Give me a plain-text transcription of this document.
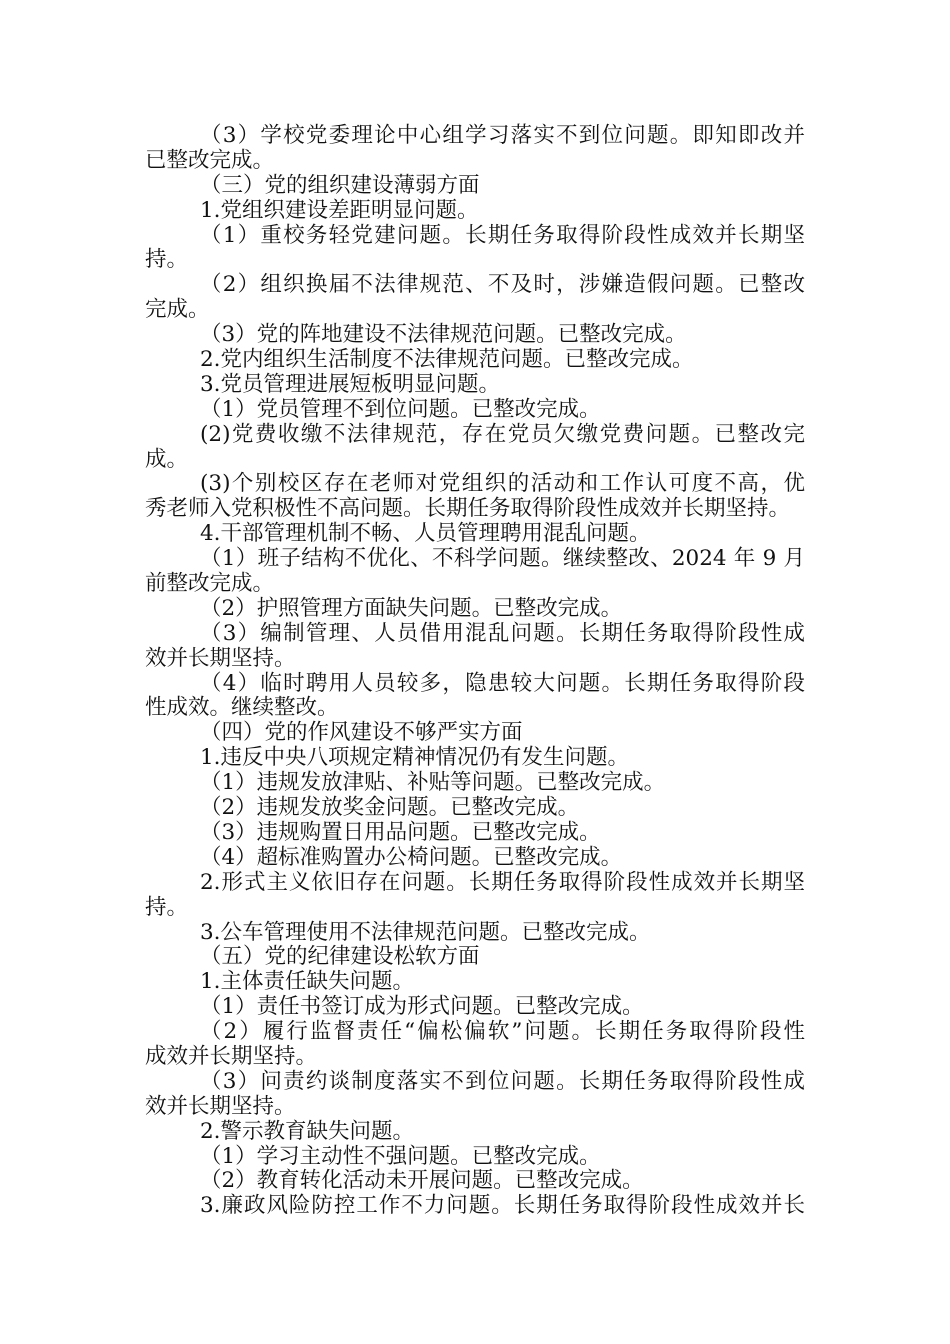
（3）学校党委理论中心组学习落实不到位问题。即知即改并
已整改完成。
（三）党的组织建设薄弱方面
1.党组织建设差距明显问题。
（1）重校务轻党建问题。长期任务取得阶段性成效并长期坚
持。
（2）组织换届不法律规范、不及时，涉嫌造假问题。已整改
完成。
（3）党的阵地建设不法律规范问题。已整改完成。
2.党内组织生活制度不法律规范问题。已整改完成。
3.党员管理进展短板明显问题。
（1）党员管理不到位问题。已整改完成。
(2)党费收缴不法律规范，存在党员欠缴党费问题。已整改完
成。
(3)个别校区存在老师对党组织的活动和工作认可度不高，优
秀老师入党积极性不高问题。长期任务取得阶段性成效并长期坚持。
4.干部管理机制不畅、人员管理聘用混乱问题。
（1）班子结构不优化、不科学问题。继续整改、2024 年 9 月
前整改完成。
（2）护照管理方面缺失问题。已整改完成。
（3）编制管理、人员借用混乱问题。长期任务取得阶段性成
效并长期坚持。
（4）临时聘用人员较多，隐患较大问题。长期任务取得阶段
性成效。继续整改。
（四）党的作风建设不够严实方面
1.违反中央八项规定精神情况仍有发生问题。
（1）违规发放津贴、补贴等问题。已整改完成。
（2）违规发放奖金问题。已整改完成。
（3）违规购置日用品问题。已整改完成。
（4）超标准购置办公椅问题。已整改完成。
2.形式主义依旧存在问题。长期任务取得阶段性成效并长期坚
持。
3.公车管理使用不法律规范问题。已整改完成。
（五）党的纪律建设松软方面
1.主体责任缺失问题。
（1）责任书签订成为形式问题。已整改完成。
（2）履行监督责任“偏松偏软”问题。长期任务取得阶段性
成效并长期坚持。
（3）问责约谈制度落实不到位问题。长期任务取得阶段性成
效并长期坚持。
2.警示教育缺失问题。
（1）学习主动性不强问题。已整改完成。
（2）教育转化活动未开展问题。已整改完成。
3.廉政风险防控工作不力问题。长期任务取得阶段性成效并长
